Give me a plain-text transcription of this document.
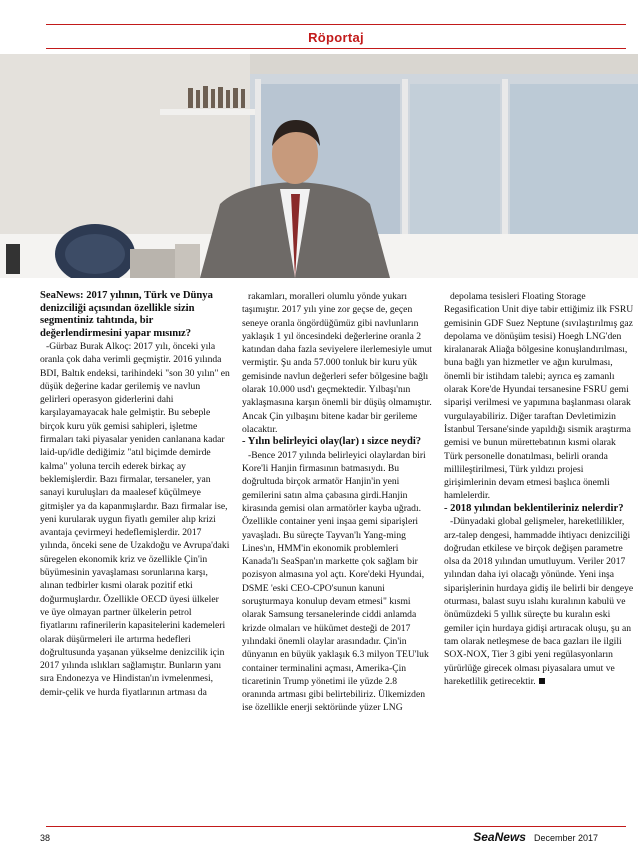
Röportaj

SeaNews: 2017 yılının, Türk ve Dünya denizciliği açısından özellikle sizin segmentiniz tahtında, bir değerlendirmesini yapar mısınız?

-Gürbaz Burak Alkoç: 2017 yılı, önceki yıla oranla çok daha verimli geçmiştir. 2016 yılında BDI, Baltık endeksi, tarihindeki "son 30 yılın" en düşük değerine kadar gerilemiş ve navlun gelirleri operasyon giderlerini dahi karşılayamayacak hale gelmiştir. Bu sebeple birçok kuru yük gemisi sahipleri, işletme firmaları taki piyasalar yeniden canlanana kadar laid-up/idle dediğimiz "atıl biçimde demirde kalma" yoluna tercih ederek birkaç ay beklemişlerdir. Bazı firmalar, tersaneler, yan sanayi kuruluşları da maalesef küçülmeye gitmişler ya da kapanmışlardır. Bazı firmalar ise, yeni kurularak uygun fiyatlı gemiler alıp krizi avantaja çevirmeyi hedeflemişlerdir. 2017 yılında, önceki sene de Uzakdoğu ve Avrupa'daki süregelen ekonomik kriz ve özellikle Çin'in büyümesinin yavaşlaması sorunlarına karşı, alınan tedbirler kısmi olarak pozitif etki doğurmuşlardır. Özellikle OECD üyesi ülkeler ve üye olmayan partner ülkelerin petrol fiyatlarını rafinerilerin kapasitelerini kademeleri olarak düşürmeleri ile artırma hedefleri doğrultusunda yaşanan yükselme denizcilik için 2017 yılında ıslıkları sağlamıştır. Bunların yanı sıra Endonezya ve Hindistan'ın ivmelenmesi, demir-çelik ve hurda fiyatlarının artması da

rakamları, moralleri olumlu yönde yukarı taşımıştır. 2017 yılı yine zor geçse de, geçen seneye oranla öngördüğümüz gibi navlunların yaklaşık 1 yıl öncesindeki değerlerine oranla 2 katından daha fazla seviyelere ilerlemesiyle umut vermiştir. Şu anda 57.000 tonluk bir kuru yük gemisinde navlun değerleri sefer bölgesine bağlı olarak 10.000 usd'ı geçmektedir. Yılbaşı'nın yaklaşmasına karşın önemli bir düşüş olmamıştır. Ancak Çin yılbaşını bitene kadar bir gerileme olacaktır.

- Yılın belirleyici olay(lar) ı sizce neydi?

-Bence 2017 yılında belirleyici olaylardan biri Kore'li Hanjin firmasının batmasıydı. Bu doğrultuda birçok armatör Hanjin'in yeni gemilerini satın alma çabasına girdi.Hanjin kirasında gemisi olan armatörler kayba uğradı. Özellikle container yeni inşaa gemi siparişleri yavaşladı. Bu süreçte Tayvan'lı Yang-ming Lines'ın, HMM'in ekonomik problemleri Kanada'lı SeaSpan'ın markette çok sağlam bir pozisyon almasına yol açtı. Kore'deki Hyundai, DSME 'eski CEO-CPO'sunun kanuni soruşturmaya konulup devam etmesi" kısmi olarak Samsung tersanelerinde ciddi anlamda krizde olmaları ve hükümet desteği de 2017 yılındaki önemli olaylar arasındadır. Çin'in dünyanın en büyük yaklaşık 6.3 milyon TEU'luk container terminalini açması, Amerika-Çin ticaretinin Trump yönetimi ile yüzde 2.8 oranında artması gibi belirtebiliriz. Ülkemizden ise özellikle enerji sektöründe yüzer LNG

depolama tesisleri Floating Storage Regasification Unit diye tabir ettiğimiz ilk FSRU gemisinin GDF Suez Neptune (sıvılaştırılmış gaz depolama ve dönüşüm tesisi) Hoegh LNG'den kiralanarak Aliağa bölgesine konuşlandırılması, buna bağlı yan hizmetler ve ağın kurulması, önemli bir istihdam talebi; ayrıca eş zamanlı olarak Kore'de Hyundai tersanesine FSRU gemi siparişi verilmesi ve yapımına başlanması olarak vurgulayabiliriz. Diğer taraftan Devletimizin İstanbul Tersane'sinde yapıldığı sismik araştırma gemisi ve bunun mürettebatının kısmi olarak Türk personelle donatılması, belirli oranda millileştirilmesi, Türk yıldızı projesi girişimlerinin devam etmesi başlıca önemli hamlelerdir.

- 2018 yılından beklentileriniz nelerdir?

-Dünyadaki global gelişmeler, hareketlilikler, arz-talep dengesi, hammadde ihtiyacı denizciliği doğrudan etkilese ve birçok değişen parametre olsa da 2018 yılından umutluyum. Veriler 2017 yılından daha iyi olacağı yönünde. Yeni inşa siparişlerinin hurdaya gidiş ile belirli bir dengeye oturması, balast suyu ıslahı kuralının kabulü ve önümüzdeki 5 yıllık süreçte bu kuralın eski gemiler için hurdaya gidişi artıracak oluşu, şu an tam olarak netleşmese de baca gazları ile ilgili SOX-NOX, Tier 3 gibi yeni regülasyonların yürürlüğe girecek olması piyasalara umut ve hareketlilik getirecektir.

38	SeaNews December 2017
